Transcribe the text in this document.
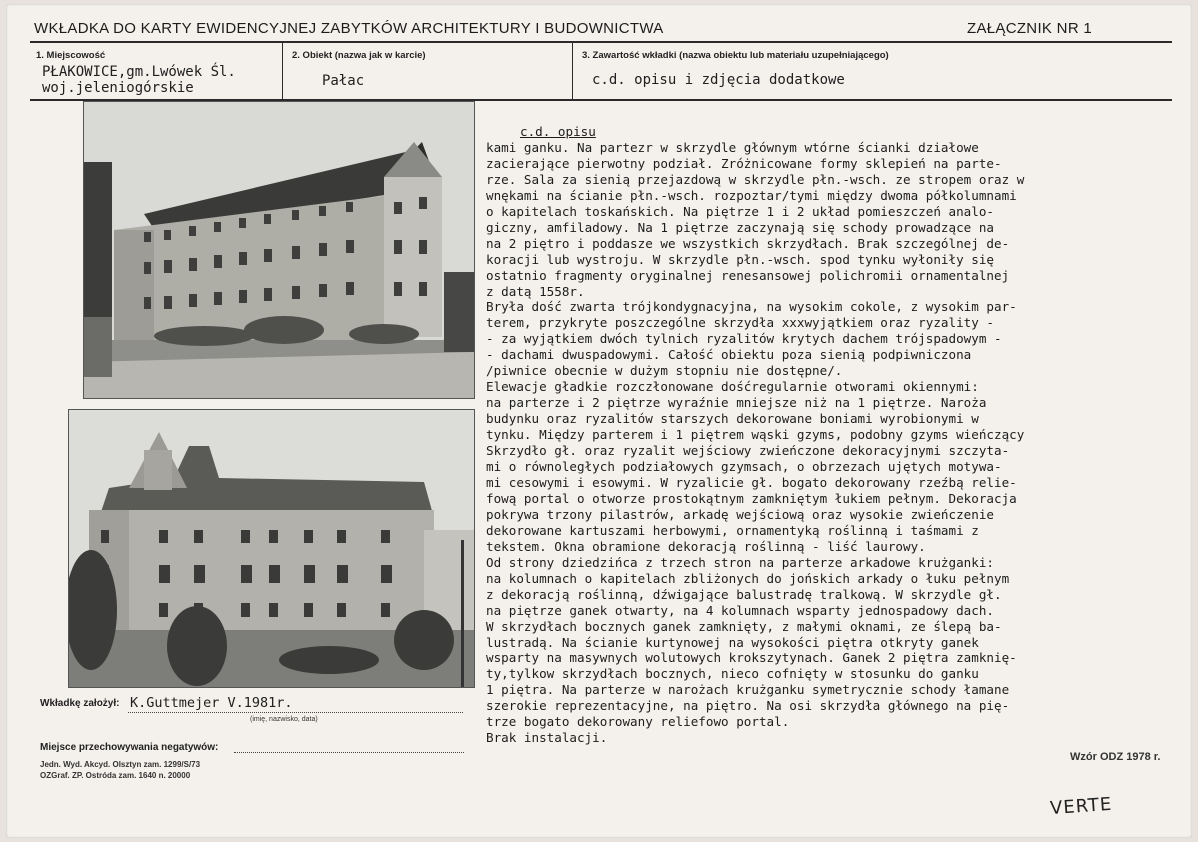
WKŁADKA DO KARTY EWIDENCYJNEJ ZABYTKÓW ARCHITEKTURY I BUDOWNICTWA	ZAŁĄCZNIK NR 1
1. Miejscowość
PŁAKOWICE,gm.Lwówek Śl.
woj.jeleniogórskie
2. Obiekt (nazwa jak w karcie)
Pałac
3. Zawartość wkładki (nazwa obiektu lub materiału uzupełniającego)
c.d. opisu i zdjęcia dodatkowe
c.d. opisu

kami ganku. Na partezr w skrzydle głównym wtórne ścianki działowe
zacierające pierwotny podział. Zróżnicowane formy sklepień na parte-
rze. Sala za sienią przejazdową w skrzydle płn.-wsch. ze stropem oraz w
wnękami na ścianie płn.-wsch. rozpoztar/tymi między dwoma półkolumnami
o kapitelach toskańskich. Na piętrze 1 i 2 układ pomieszczeń analo-
giczny, amfiladowy. Na 1 piętrze zaczynają się schody prowadzące na
na 2 piętro i poddasze we wszystkich skrzydłach. Brak szczególnej de-
koracji lub wystroju. W skrzydle płn.-wsch. spod tynku wyłoniły się
ostatnio fragmenty oryginalnej renesansowej polichromii ornamentalnej
z datą 1558r.
Bryła dość zwarta trójkondygnacyjna, na wysokim cokole, z wysokim par-
terem, przykryte poszczególne skrzydła xxxwyjątkiem oraz ryzality -
- za wyjątkiem dwóch tylnich ryzalitów krytych dachem trójspadowym -
- dachami dwuspadowymi. Całość obiektu poza sienią podpiwniczona
/piwnice obecnie w dużym stopniu nie dostępne/.
Elewacje gładkie rozczłonowane dośćregularnie otworami okiennymi:
na parterze i 2 piętrze wyraźnie mniejsze niż na 1 piętrze. Naroża
budynku oraz ryzalitów starszych dekorowane boniami wyrobionymi w
tynku. Między parterem i 1 piętrem wąski gzyms, podobny gzyms wieńczący
Skrzydło gł. oraz ryzalit wejściowy zwieńczone dekoracyjnymi szczyta-
mi o równoległych podziałowych gzymsach, o obrzezach ujętych motywa-
mi cesowymi i esowymi. W ryzalicie gł. bogato dekorowany rzeźbą relie-
fową portal o otworze prostokątnym zamkniętym łukiem pełnym. Dekoracja
pokrywa trzony pilastrów, arkadę wejściową oraz wysokie zwieńczenie
dekorowane kartuszami herbowymi, ornamentyką roślinną i taśmami z
tekstem. Okna obramione dekoracją roślinną - liść laurowy.
Od strony dziedzińca z trzech stron na parterze arkadowe krużganki:
na kolumnach o kapitelach zbliżonych do jońskich arkady o łuku pełnym
z dekoracją roślinną, dźwigające balustradę tralkową. W skrzydle gł.
na piętrze ganek otwarty, na 4 kolumnach wsparty jednospadowy dach.
W skrzydłach bocznych ganek zamknięty, z małymi oknami, ze ślepą ba-
lustradą. Na ścianie kurtynowej na wysokości piętra otkryty ganek
wsparty na masywnych wolutowych krokszytynach. Ganek 2 piętra zamknię-
ty,tylkow skrzydłach bocznych, nieco cofnięty w stosunku do ganku
1 piętra. Na parterze w narożach krużganku symetrycznie schody łamane
szerokie reprezentacyjne, na piętro. Na osi skrzydła głównego na pię-
trze bogato dekorowany reliefowo portal.
Brak instalacji.

Wkładkę założył: K.Guttmejer V.1981r.
(imię, nazwisko, data)
Miejsce przechowywania negatywów:
Jedn. Wyd. Akcyd. Olsztyn zam. 1299/S/73
OZGraf. ZP. Ostróda zam. 1640 n. 20000
Wzór ODZ 1978 r.
VERTE
